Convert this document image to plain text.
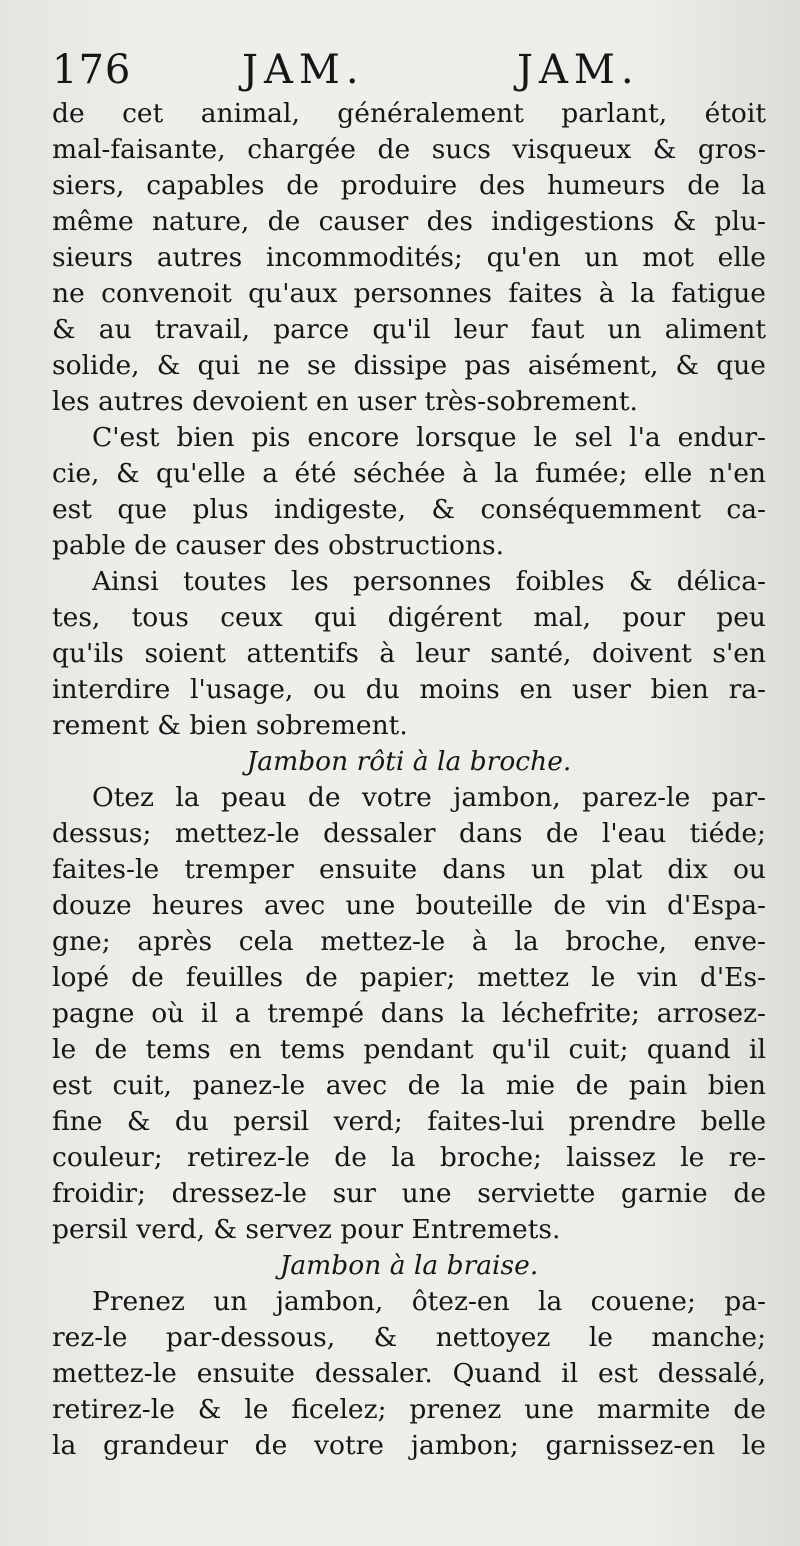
176	JAM.	JAM.
de cet animal, généralement parlant, étoit
mal-faisante, chargée de sucs visqueux & gros-
siers, capables de produire des humeurs de la
même nature, de causer des indigestions & plu-
sieurs autres incommodités; qu'en un mot elle
ne convenoit qu'aux personnes faites à la fatigue
& au travail, parce qu'il leur faut un aliment
solide, & qui ne se dissipe pas aisément, & que
les autres devoient en user très-sobrement.
C'est bien pis encore lorsque le sel l'a endur-
cie, & qu'elle a été séchée à la fumée; elle n'en
est que plus indigeste, & conséquemment ca-
pable de causer des obstructions.
Ainsi toutes les personnes foibles & délica-
tes, tous ceux qui digérent mal, pour peu
qu'ils soient attentifs à leur santé, doivent s'en
interdire l'usage, ou du moins en user bien ra-
rement & bien sobrement.
Jambon rôti à la broche.
Otez la peau de votre jambon, parez-le par-
dessus; mettez-le dessaler dans de l'eau tiéde;
faites-le tremper ensuite dans un plat dix ou
douze heures avec une bouteille de vin d'Espa-
gne; après cela mettez-le à la broche, enve-
lopé de feuilles de papier; mettez le vin d'Es-
pagne où il a trempé dans la léchefrite; arrosez-
le de tems en tems pendant qu'il cuit; quand il
est cuit, panez-le avec de la mie de pain bien
fine & du persil verd; faites-lui prendre belle
couleur; retirez-le de la broche; laissez le re-
froidir; dressez-le sur une serviette garnie de
persil verd, & servez pour Entremets.
Jambon à la braise.
Prenez un jambon, ôtez-en la couene; pa-
rez-le par-dessous, & nettoyez le manche;
mettez-le ensuite dessaler. Quand il est dessalé,
retirez-le & le ficelez; prenez une marmite de
la grandeur de votre jambon; garnissez-en le
